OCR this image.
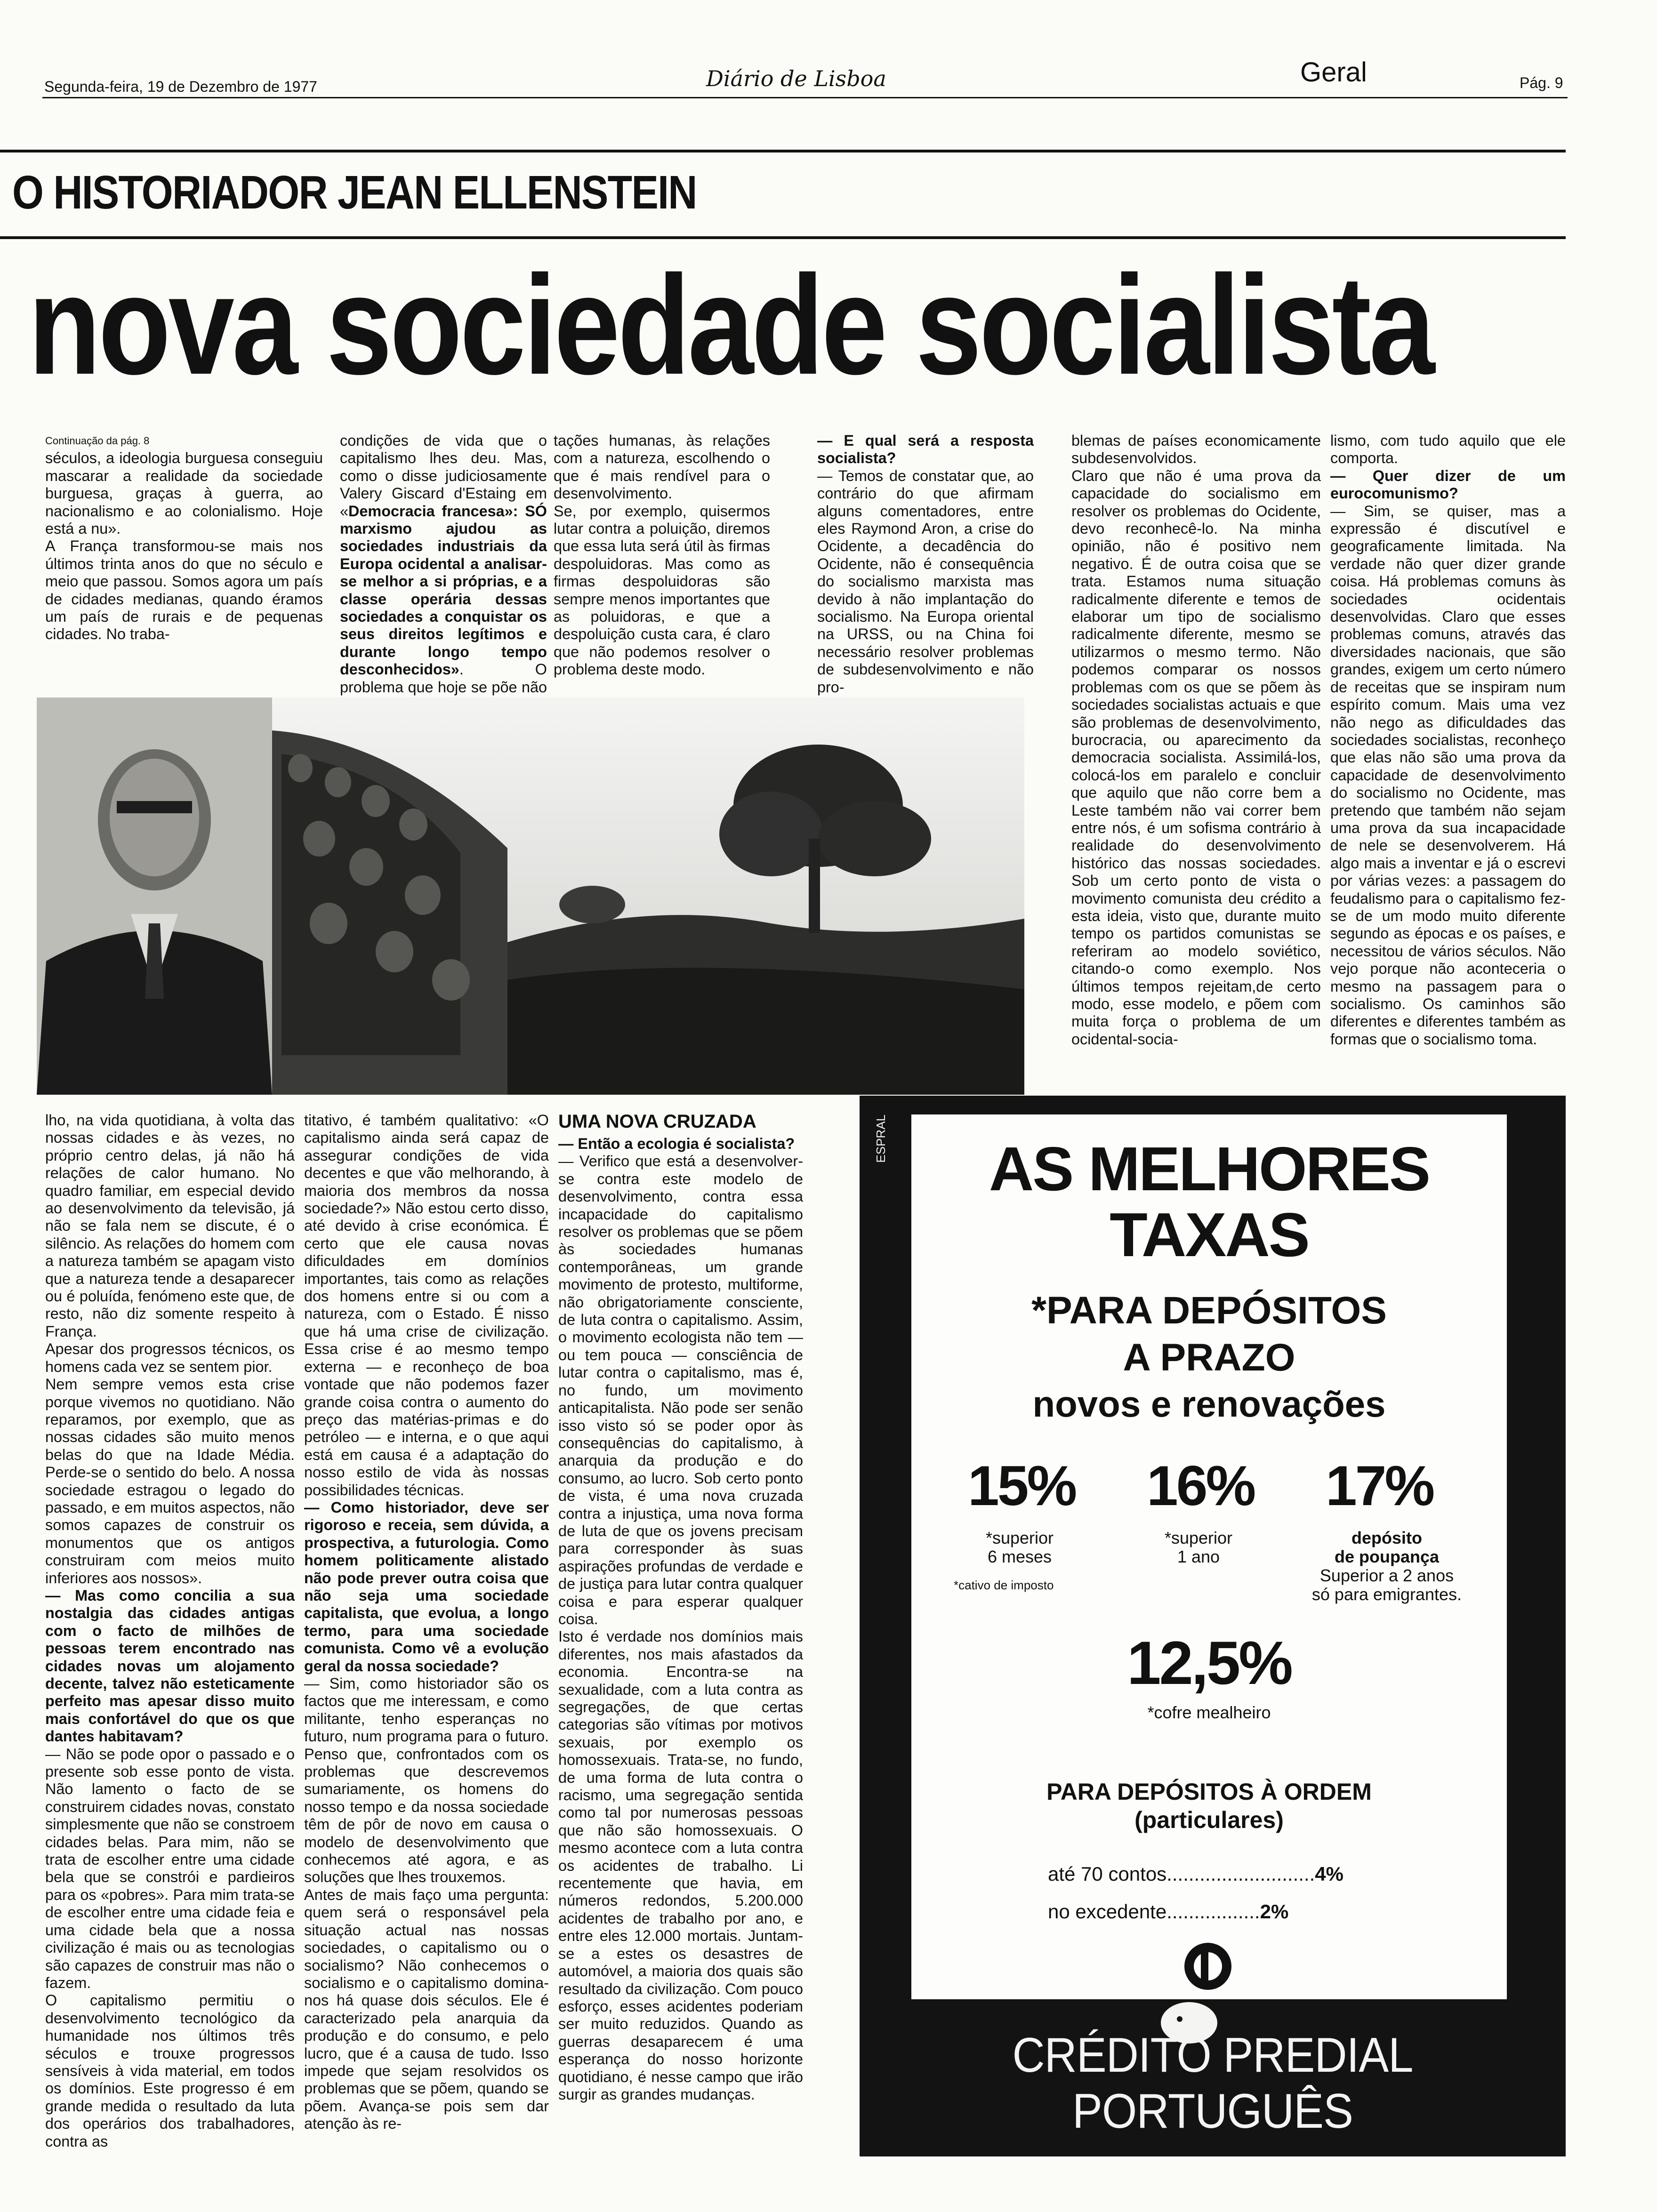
Segunda-feira, 19 de Dezembro de 1977	Diário de Lisboa	Geral	Pág. 9
O HISTORIADOR JEAN ELLENSTEIN
nova sociedade socialista
Continuação da pág. 8

séculos, a ideologia burguesa conseguiu mascarar a realidade da sociedade burguesa, graças à guerra, ao nacionalismo e ao colonialismo. Hoje está a nu».

A França transformou-se mais nos últimos trinta anos do que no século e meio que passou. Somos agora um país de cidades medianas, quando éramos um país de rurais e de pequenas cidades. No traba-

condições de vida que o capitalismo lhes deu. Mas, como o disse judiciosamente Valery Giscard d'Estaing em «Democracia francesa»: SÓ marxismo ajudou as sociedades industriais da Europa ocidental a analisar-se melhor a si próprias, e a classe operária dessas sociedades a conquistar os seus direitos legítimos e durante longo tempo desconhecidos». O problema que hoje se põe não

tações humanas, às relações com a natureza, escolhendo o que é mais rendível para o desenvolvimento.

Se, por exemplo, quisermos lutar contra a poluição, diremos que essa luta será útil às firmas despoluidoras. Mas como as firmas despoluidoras são sempre menos importantes que as poluidoras, e que a despoluição custa cara, é claro que não podemos resolver o problema deste modo.

— E qual será a resposta socialista?

— Temos de constatar que, ao contrário do que afirmam alguns comentadores, entre eles Raymond Aron, a crise do Ocidente, a decadência do Ocidente, não é consequência do socialismo marxista mas devido à não implantação do socialismo. Na Europa oriental na URSS, ou na China foi necessário resolver problemas de subdesenvolvimento e não pro-

blemas de países economicamente subdesenvolvidos.

Claro que não é uma prova da capacidade do socialismo em resolver os problemas do Ocidente, devo reconhecê-lo. Na minha opinião, não é positivo nem negativo. É de outra coisa que se trata. Estamos numa situação radicalmente diferente e temos de elaborar um tipo de socialismo radicalmente diferente, mesmo se utilizarmos o mesmo termo. Não podemos comparar os nossos problemas com os que se põem às sociedades socialistas actuais e que são problemas de desenvolvimento, burocracia, ou aparecimento da democracia socialista. Assimilá-los, colocá-los em paralelo e concluir que aquilo que não corre bem a Leste também não vai correr bem entre nós, é um sofisma contrário à realidade do desenvolvimento histórico das nossas sociedades. Sob um certo ponto de vista o movimento comunista deu crédito a esta ideia, visto que, durante muito tempo os partidos comunistas se referiram ao modelo soviético, citando-o como exemplo. Nos últimos tempos rejeitam,de certo modo, esse modelo, e põem com muita força o problema de um ocidental-socia-

lismo, com tudo aquilo que ele comporta.

— Quer dizer de um eurocomunismo?

— Sim, se quiser, mas a expressão é discutível e geograficamente limitada. Na verdade não quer dizer grande coisa. Há problemas comuns às sociedades ocidentais desenvolvidas. Claro que esses problemas comuns, através das diversidades nacionais, que são grandes, exigem um certo número de receitas que se inspiram num espírito comum. Mais uma vez não nego as dificuldades das sociedades socialistas, reconheço que elas não são uma prova da capacidade de desenvolvimento do socialismo no Ocidente, mas pretendo que também não sejam uma prova da sua incapacidade de nele se desenvolverem. Há algo mais a inventar e já o escrevi por várias vezes: a passagem do feudalismo para o capitalismo fez-se de um modo muito diferente segundo as épocas e os países, e necessitou de vários séculos. Não vejo porque não aconteceria o mesmo na passagem para o socialismo. Os caminhos são diferentes e diferentes também as formas que o socialismo toma.

lho, na vida quotidiana, à volta das nossas cidades e às vezes, no próprio centro delas, já não há relações de calor humano. No quadro familiar, em especial devido ao desenvolvimento da televisão, já não se fala nem se discute, é o silêncio. As relações do homem com a natureza também se apagam visto que a natureza tende a desaparecer ou é poluída, fenómeno este que, de resto, não diz somente respeito à França.

Apesar dos progressos técnicos, os homens cada vez se sentem pior.

Nem sempre vemos esta crise porque vivemos no quotidiano. Não reparamos, por exemplo, que as nossas cidades são muito menos belas do que na Idade Média. Perde-se o sentido do belo. A nossa sociedade estragou o legado do passado, e em muitos aspectos, não somos capazes de construir os monumentos que os antigos construiram com meios muito inferiores aos nossos».

— Mas como concilia a sua nostalgia das cidades antigas com o facto de milhões de pessoas terem encontrado nas cidades novas um alojamento decente, talvez não esteticamente perfeito mas apesar disso muito mais confortável do que os que dantes habitavam?

— Não se pode opor o passado e o presente sob esse ponto de vista. Não lamento o facto de se construirem cidades novas, constato simplesmente que não se constroem cidades belas. Para mim, não se trata de escolher entre uma cidade bela que se constrói e pardieiros para os «pobres». Para mim trata-se de escolher entre uma cidade feia e uma cidade bela que a nossa civilização é mais ou as tecnologias são capazes de construir mas não o fazem.

O capitalismo permitiu o desenvolvimento tecnológico da humanidade nos últimos três séculos e trouxe progressos sensíveis à vida material, em todos os domínios. Este progresso é em grande medida o resultado da luta dos operários dos trabalhadores, contra as

titativo, é também qualitativo: «O capitalismo ainda será capaz de assegurar condições de vida decentes e que vão melhorando, à maioria dos membros da nossa sociedade?» Não estou certo disso, até devido à crise económica. É certo que ele causa novas dificuldades em domínios importantes, tais como as relações dos homens entre si ou com a natureza, com o Estado. É nisso que há uma crise de civilização. Essa crise é ao mesmo tempo externa — e reconheço de boa vontade que não podemos fazer grande coisa contra o aumento do preço das matérias-primas e do petróleo — e interna, e o que aqui está em causa é a adaptação do nosso estilo de vida às nossas possibilidades técnicas.

— Como historiador, deve ser rigoroso e receia, sem dúvida, a prospectiva, a futurologia. Como homem politicamente alistado não pode prever outra coisa que não seja uma sociedade capitalista, que evolua, a longo termo, para uma sociedade comunista. Como vê a evolução geral da nossa sociedade?

— Sim, como historiador são os factos que me interessam, e como militante, tenho esperanças no futuro, num programa para o futuro. Penso que, confrontados com os problemas que descrevemos sumariamente, os homens do nosso tempo e da nossa sociedade têm de pôr de novo em causa o modelo de desenvolvimento que conhecemos até agora, e as soluções que lhes trouxemos.

Antes de mais faço uma pergunta: quem será o responsável pela situação actual nas nossas sociedades, o capitalismo ou o socialismo? Não conhecemos o socialismo e o capitalismo domina-nos há quase dois séculos. Ele é caracterizado pela anarquia da produção e do consumo, e pelo lucro, que é a causa de tudo. Isso impede que sejam resolvidos os problemas que se põem, quando se põem. Avança-se pois sem dar atenção às re-

UMA NOVA CRUZADA

— Então a ecologia é socialista?

— Verifico que está a desenvolver-se contra este modelo de desenvolvimento, contra essa incapacidade do capitalismo resolver os problemas que se põem às sociedades humanas contemporâneas, um grande movimento de protesto, multiforme, não obrigatoriamente consciente, de luta contra o capitalismo. Assim, o movimento ecologista não tem — ou tem pouca — consciência de lutar contra o capitalismo, mas é, no fundo, um movimento anticapitalista. Não pode ser senão isso visto só se poder opor às consequências do capitalismo, à anarquia da produção e do consumo, ao lucro. Sob certo ponto de vista, é uma nova cruzada contra a injustiça, uma nova forma de luta de que os jovens precisam para corresponder às suas aspirações profundas de verdade e de justiça para lutar contra qualquer coisa e para esperar qualquer coisa.

Isto é verdade nos domínios mais diferentes, nos mais afastados da economia. Encontra-se na sexualidade, com a luta contra as segregações, de que certas categorias são vítimas por motivos sexuais, por exemplo os homossexuais. Trata-se, no fundo, de uma forma de luta contra o racismo, uma segregação sentida como tal por numerosas pessoas que não são homossexuais. O mesmo acontece com a luta contra os acidentes de trabalho. Li recentemente que havia, em números redondos, 5.200.000 acidentes de trabalho por ano, e entre eles 12.000 mortais. Juntam-se a estes os desastres de automóvel, a maioria dos quais são resultado da civilização. Com pouco esforço, esses acidentes poderiam ser muito reduzidos. Quando as guerras desaparecem é uma esperança do nosso horizonte quotidiano, é nesse campo que irão surgir as grandes mudanças.

ESPRAL	AS MELHORES
TAXAS
*PARA DEPÓSITOS
A PRAZO
novos e renovações
15%
*superior
6 meses
16%
*superior
1 ano
17%
depósito
de poupança
Superior a 2 anos
só para emigrantes.
*cativo de imposto
12,5%
*cofre mealheiro
PARA DEPÓSITOS À ORDEM
(particulares)
até 70 contos...........................4%
no excedente.................2%
CRÉDITO PREDIAL PORTUGUÊS
